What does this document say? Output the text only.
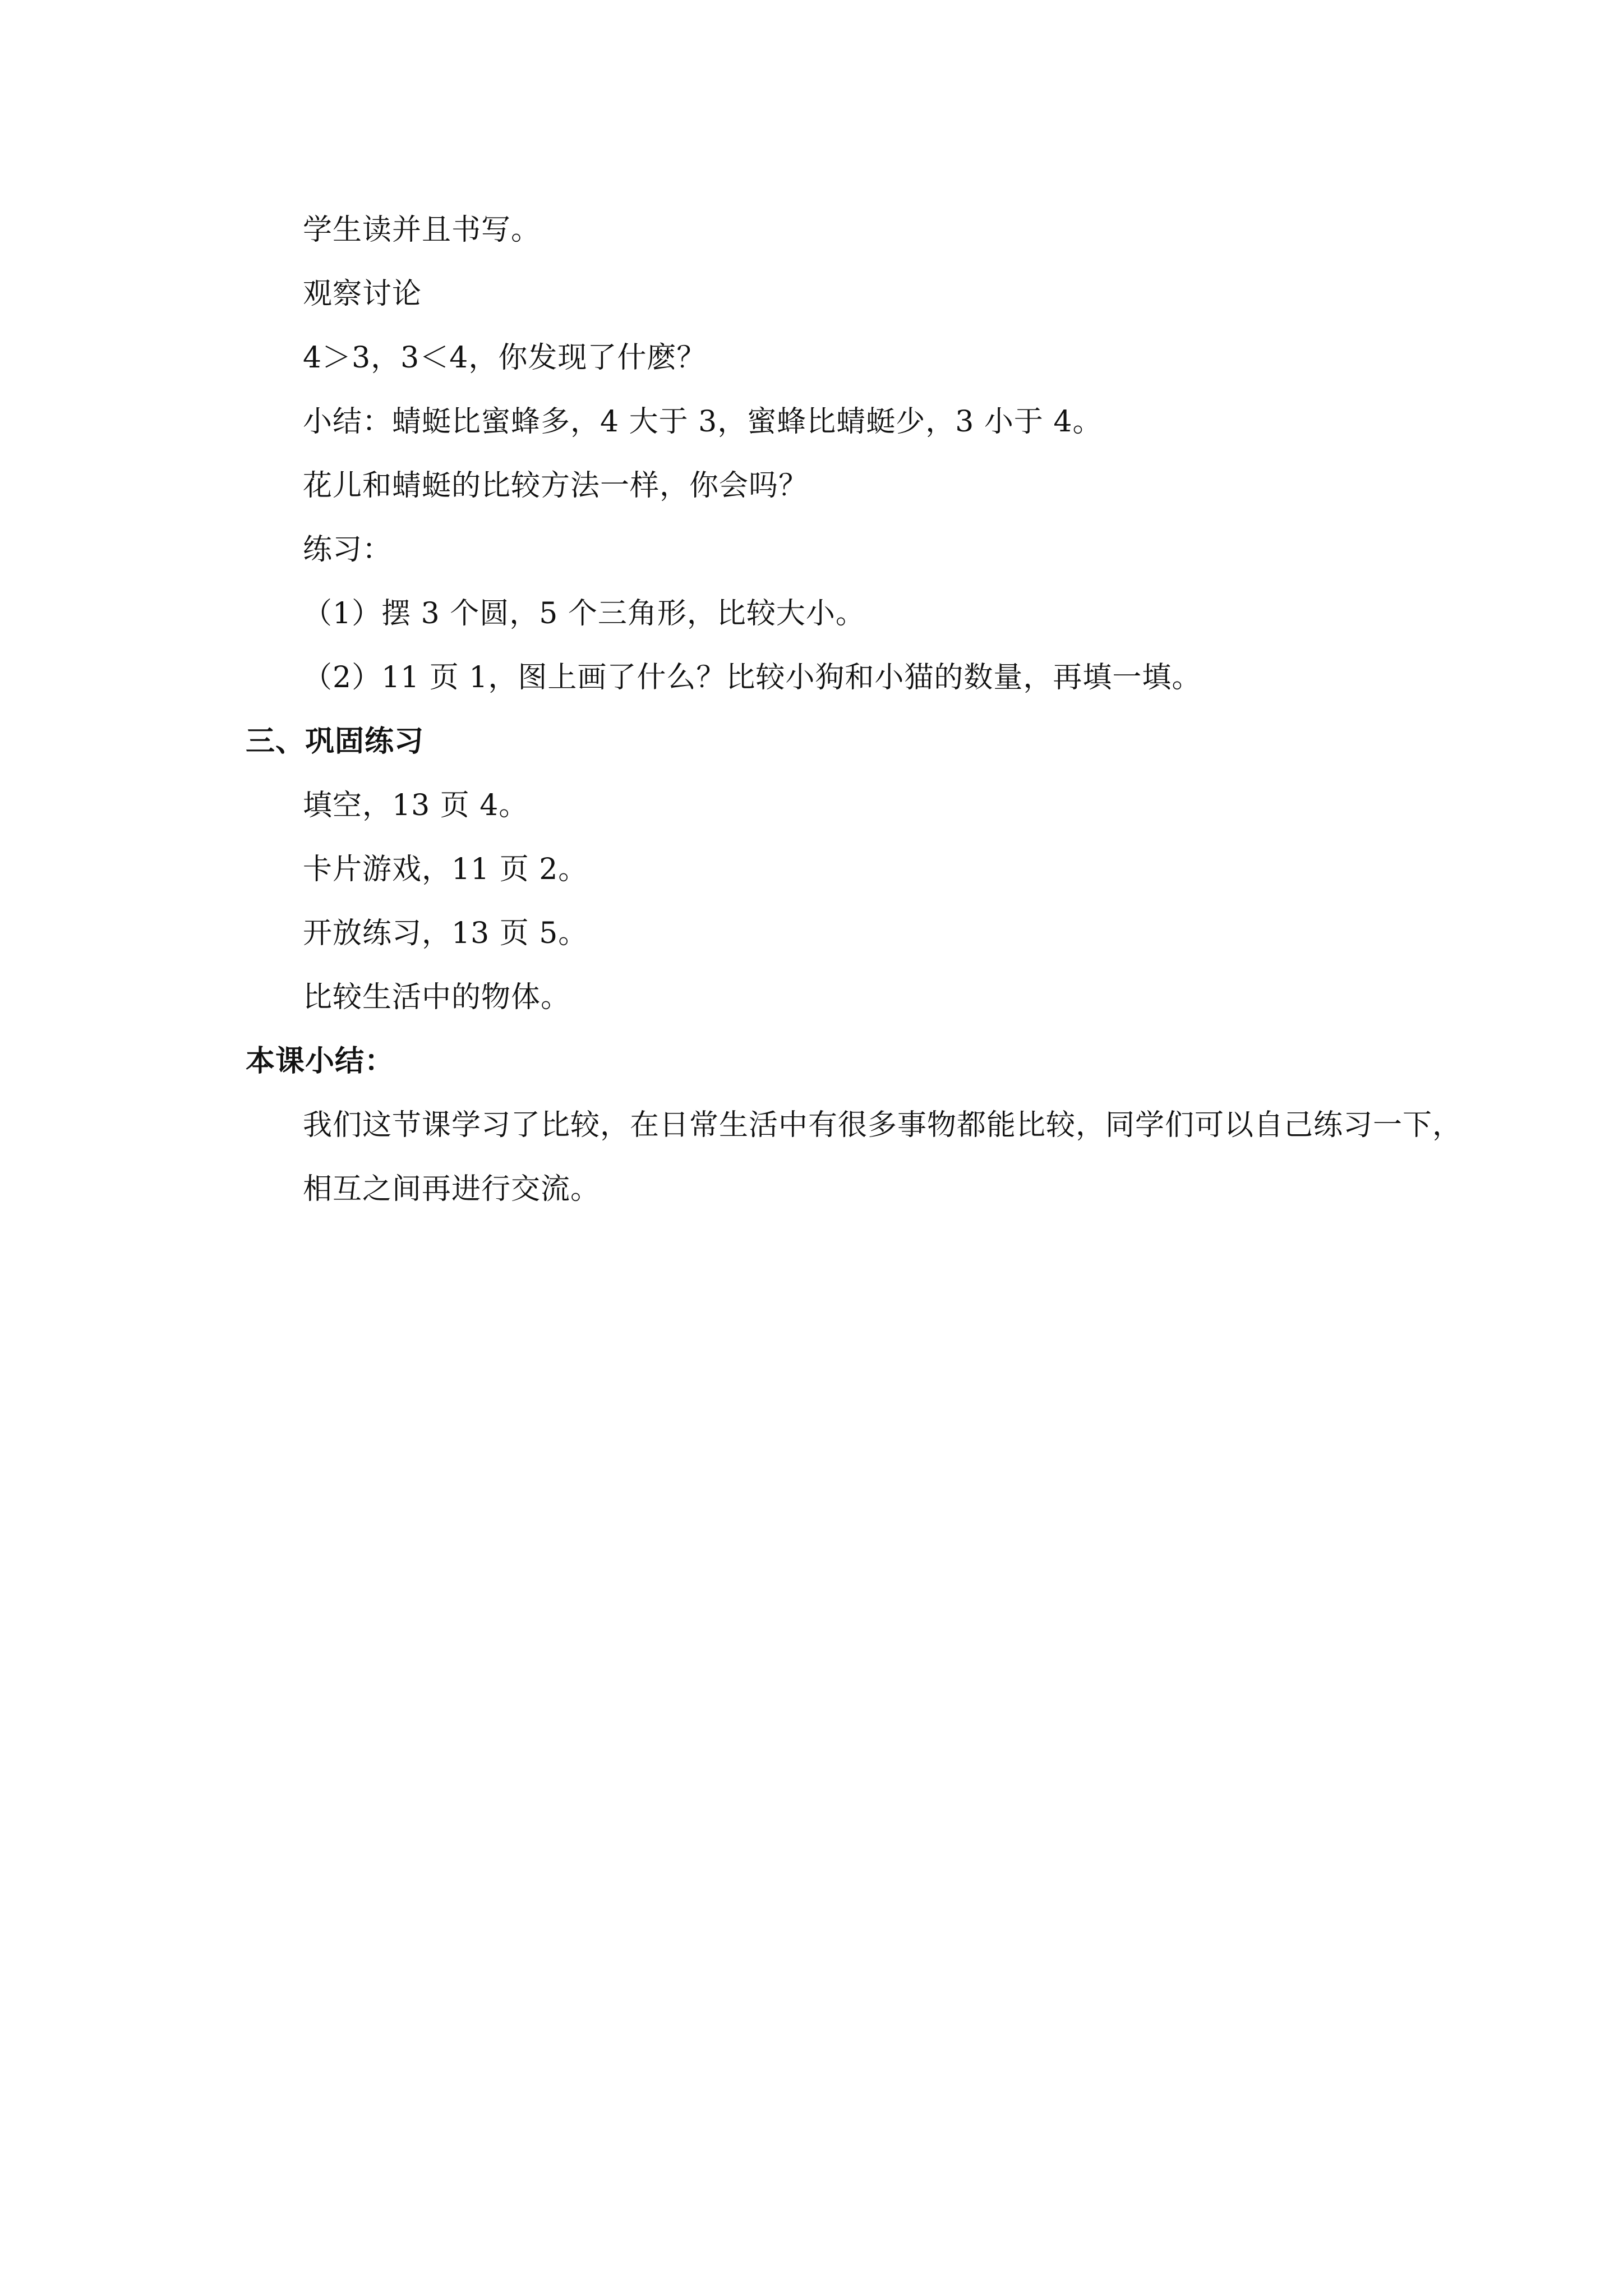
学生读并且书写。
观察讨论
4＞3，3＜4，你发现了什麽？
小结：蜻蜓比蜜蜂多，4 大于 3，蜜蜂比蜻蜓少，3 小于 4。
花儿和蜻蜓的比较方法一样，你会吗？
练习：
（1）摆 3 个圆，5 个三角形，比较大小。
（2）11 页 1，图上画了什么？比较小狗和小猫的数量，再填一填。
三、巩固练习
填空，13 页 4。
卡片游戏，11 页 2。
开放练习，13 页 5。
比较生活中的物体。
本课小结：
我们这节课学习了比较，在日常生活中有很多事物都能比较，同学们可以自己练习一下，
相互之间再进行交流。
